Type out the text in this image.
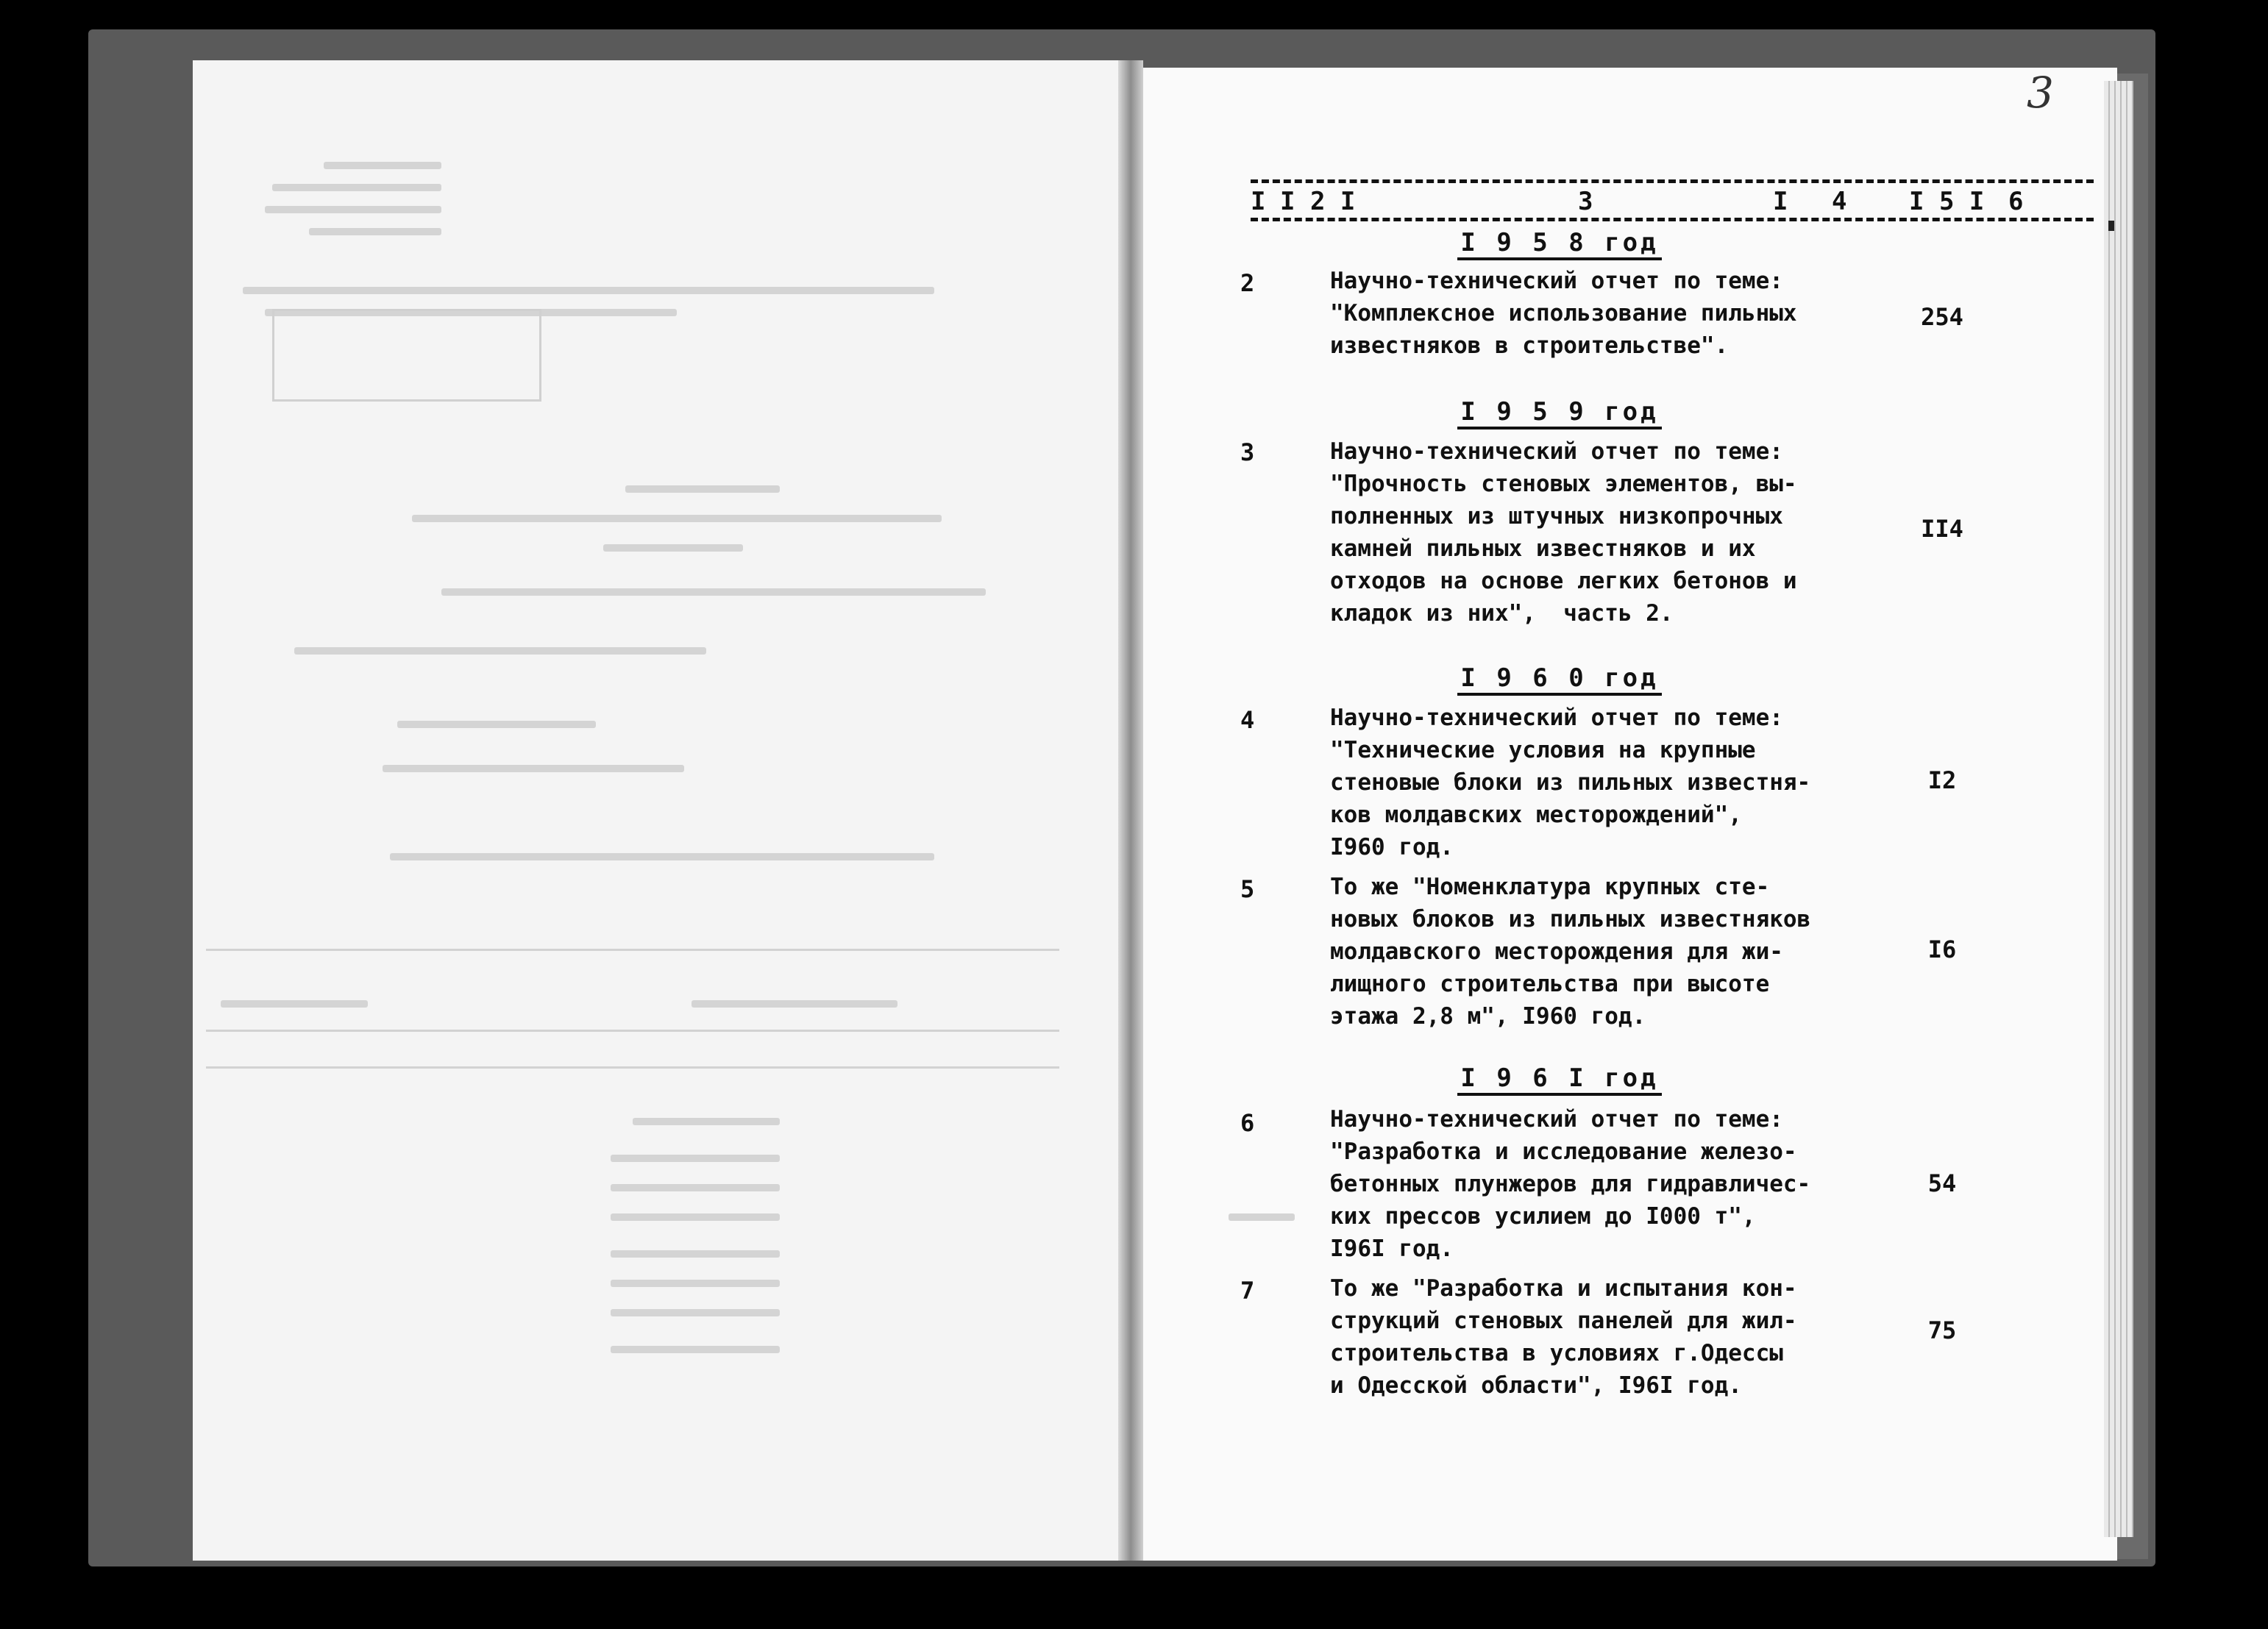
3
I I 2 I	3	I 4 I 5 I 6
I 9 5 8 год
2	Научно-технический отчет по теме:
"Комплексное использование пильных
известняков в строительстве".
254
I 9 5 9 год
3	Научно-технический отчет по теме:
"Прочность стеновых элементов, вы-
полненных из штучных низкопрочных
камней пильных известняков и их
отходов на основе легких бетонов и
кладок из них",  часть 2.
II4
I 9 6 0 год
4	Научно-технический отчет по теме:
"Технические условия на крупные
стеновые блоки из пильных известня-
ков молдавских месторождений",
I960 год.
I2
5	То же "Номенклатура крупных сте-
новых блоков из пильных известняков
молдавского месторождения для жи-
лищного строительства при высоте
этажа 2,8 м", I960 год.
I6
I 9 6 I год
6	Научно-технический отчет по теме:
"Разработка и исследование железо-
бетонных плунжеров для гидравличес-
ких прессов усилием до I000 т",
I96I год.
54
7	То же "Разработка и испытания кон-
струкций стеновых панелей для жил-
строительства в условиях г.Одессы
и Одесской области", I96I год.
75
